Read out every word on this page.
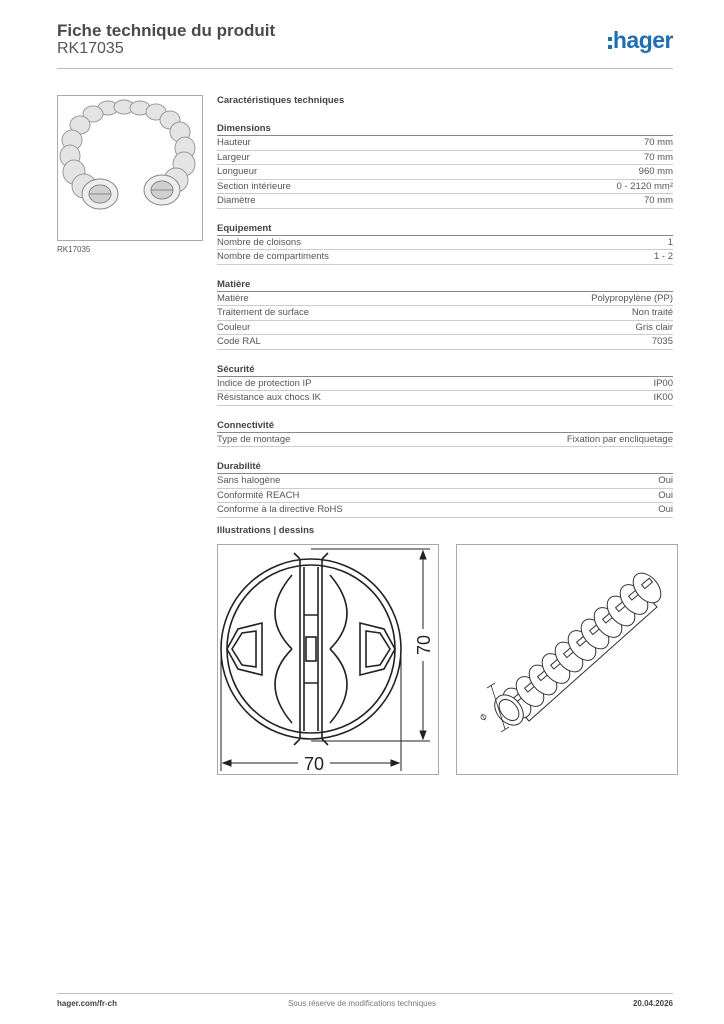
Fiche technique du produit
RK17035	hager
RK17035
Caractéristiques techniques
Dimensions
Hauteur	70 mm
Largeur	70 mm
Longueur	960 mm
Section intérieure	0 - 2120 mm²
Diamètre	70 mm
Equipement
Nombre de cloisons	1
Nombre de compartiments	1 - 2
Matière
Matière	Polypropylène (PP)
Traitement de surface	Non traité
Couleur	Gris clair
Code RAL	7035
Sécurité
Indice de protection IP	IP00
Résistance aux chocs IK	IK00
Connectivité
Type de montage	Fixation par encliquetage
Durabilité
Sans halogène	Oui
Conformité REACH	Oui
Conforme à la directive RoHS	Oui
Illustrations | dessins
70
70
Ø
hager.com/fr-ch	Sous réserve de modifications techniques	20.04.2026
